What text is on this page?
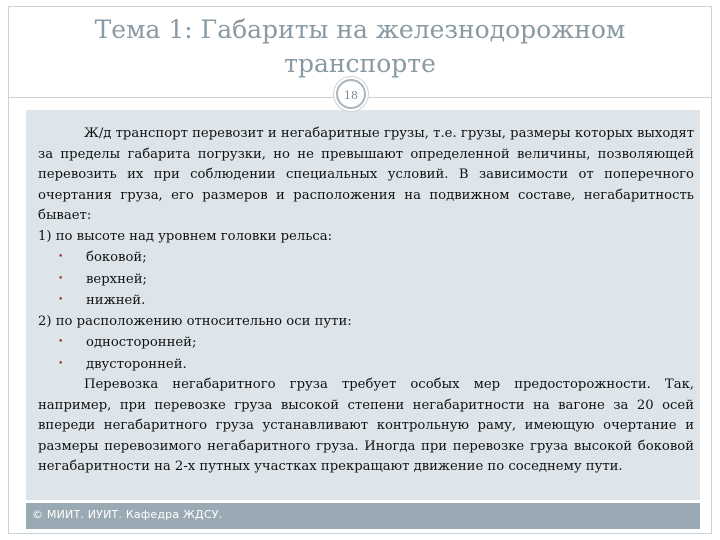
Тема 1: Габариты на железнодорожном
транспорте
18

Ж/д транспорт перевозит и негабаритные грузы, т.е. грузы, размеры которых выходят за пределы габарита погрузки, но не превышают определенной величины, позволяющей перевозить их при соблюдении специальных условий. В зависимости от поперечного очертания груза, его размеров и расположения на подвижном составе, негабаритность бывает:

1) по высоте над уровнем головки рельса:

• боковой;

• верхней;

• нижней.

2) по расположению относительно оси пути:

• односторонней;

• двусторонней.

Перевозка негабаритного груза требует особых мер предосторожности. Так, например, при перевозке груза высокой степени негабаритности на вагоне за 20 осей впереди негабаритного груза устанавливают контрольную раму, имеющую очертание и размеры перевозимого негабаритного груза. Иногда при перевозке груза высокой боковой негабаритности на 2-х путных участках прекращают движение по соседнему пути.

© МИИТ. ИУИТ. Кафедра ЖДСУ.
